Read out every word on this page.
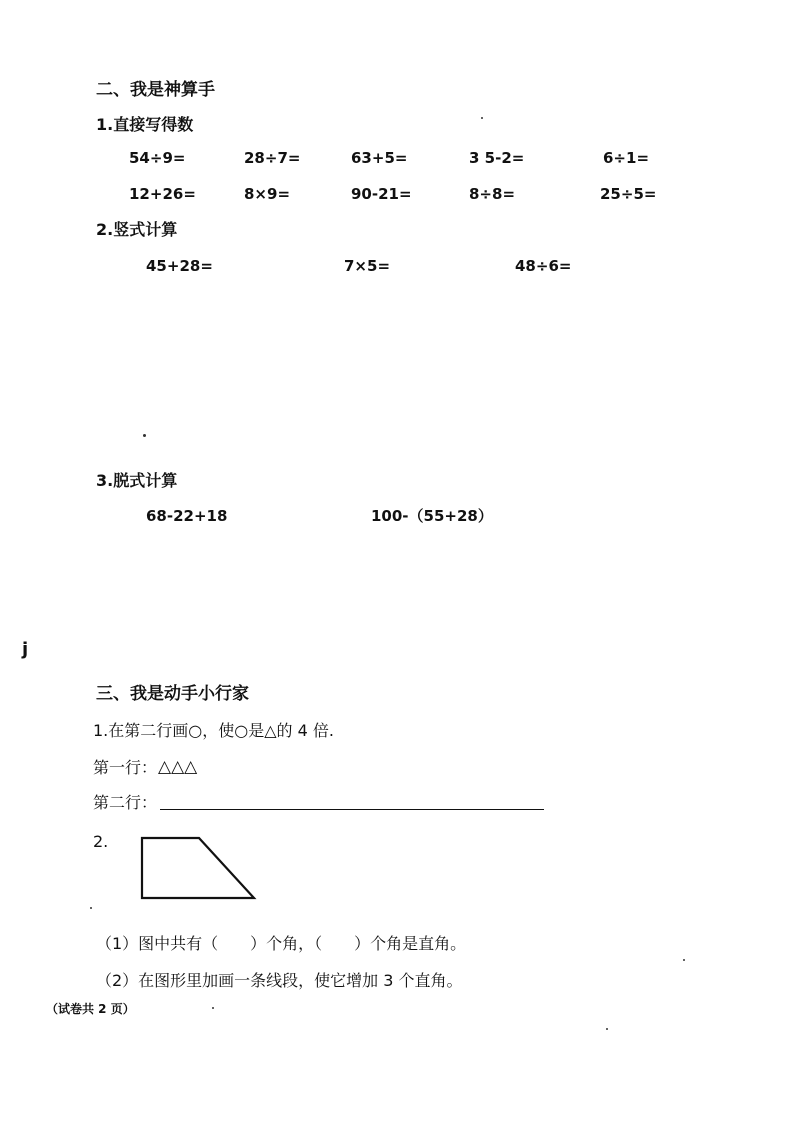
二、我是神算手
1.直接写得数
54÷9=	28÷7=	63+5=	3 5-2=	6÷1=
12+26=	8×9=	90-21=	8÷8=	25÷5=
2.竖式计算
45+28=	7×5=	48÷6=
3.脱式计算
68-22+18	100-（55+28）
j
三、我是动手小行家
1.在第二行画○，使○是△的 4 倍.
第一行： △△△
第二行：
2.
（1）图中共有（　　）个角，（　　）个角是直角。
（2）在图形里加画一条线段，使它增加 3 个直角。
（试卷共 2 页）
